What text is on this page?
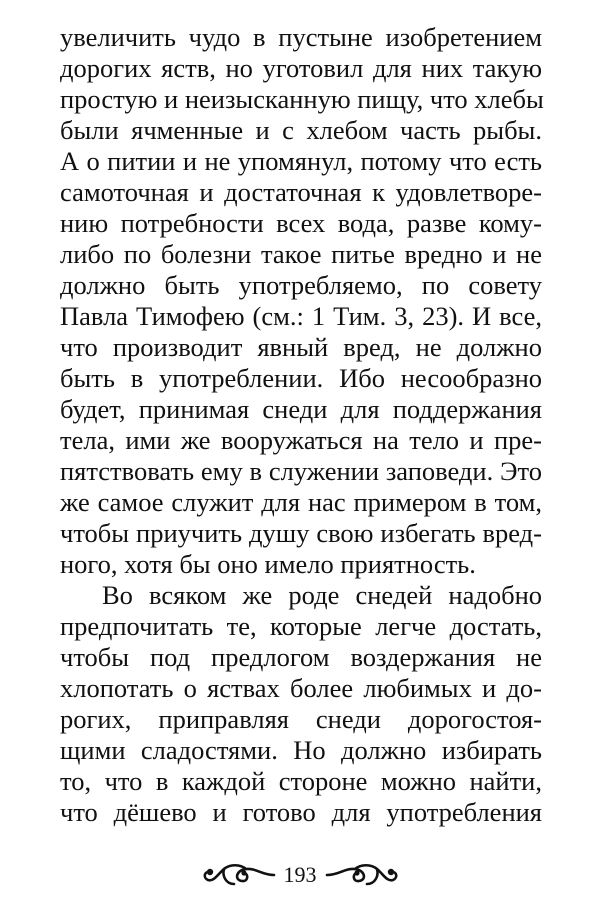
увеличить чудо в пустыне изобретением
дорогих яств, но уготовил для них такую
простую и неизысканную пищу, что хлебы
были ячменные и с хлебом часть рыбы.
А о питии и не упомянул, потому что есть
самоточная и достаточная к удовлетворе-
нию потребности всех вода, разве кому-
либо по болезни такое питье вредно и не
должно быть употребляемо, по совету
Павла Тимофею (см.: 1 Тим. 3, 23). И все,
что производит явный вред, не должно
быть в употреблении. Ибо несообразно
будет, принимая снеди для поддержания
тела, ими же вооружаться на тело и пре-
пятствовать ему в служении заповеди. Это
же самое служит для нас примером в том,
чтобы приучить душу свою избегать вред-
ного, хотя бы оно имело приятность.
Во всяком же роде снедей надобно
предпочитать те, которые легче достать,
чтобы под предлогом воздержания не
хлопотать о яствах более любимых и до-
рогих, приправляя снеди дорогостоя-
щими сладостями. Но должно избирать
то, что в каждой стороне можно найти,
что дёшево и готово для употребления
193
